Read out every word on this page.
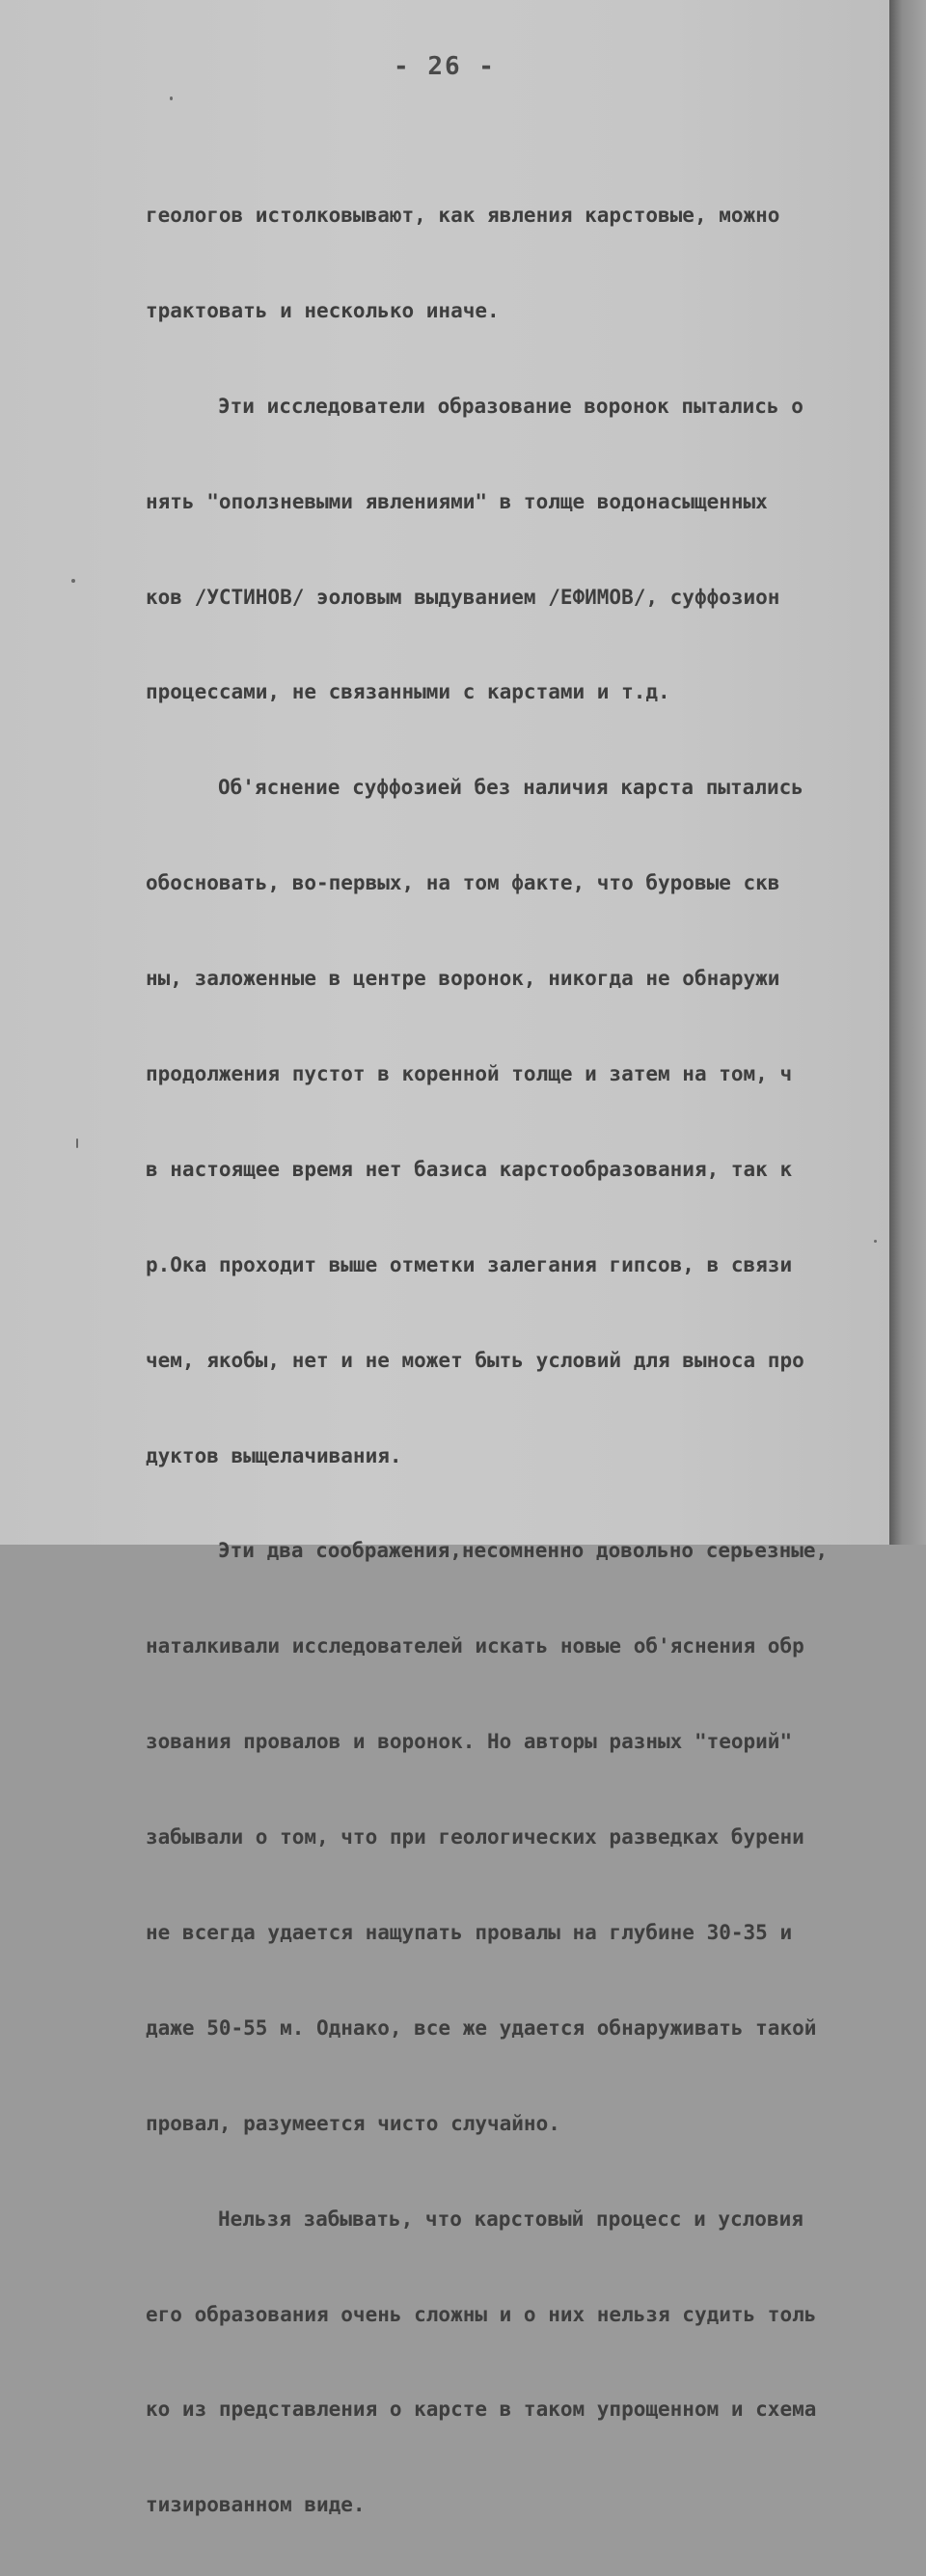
- 26 -

геологов истолковывают, как явления карстовые, можно

трактовать и несколько иначе.

Эти исследователи образование воронок пытались о

нять "оползневыми явлениями" в толще водонасыщенных

ков /УСТИНОВ/ эоловым выдуванием /ЕФИМОВ/, суффозион

процессами, не связанными с карстами и т.д.

Об'яснение суффозией без наличия карста пытались

обосновать, во-первых, на том факте, что буровые скв

ны, заложенные в центре воронок, никогда не обнаружи

продолжения пустот в коренной толще и затем на том, ч

в настоящее время нет базиса карстообразования, так к

р.Ока проходит выше отметки залегания гипсов, в связи

чем, якобы, нет и не может быть условий для выноса про

дуктов выщелачивания.

Эти два соображения,несомненно довольно серьезные,

наталкивали исследователей искать новые об'яснения обр

зования провалов и воронок. Но авторы разных "теорий"

забывали о том, что при геологических разведках бурени

не всегда удается нащупать провалы на глубине 30-35 и

даже 50-55 м. Однако, все же удается обнаруживать такой

провал, разумеется чисто случайно.

Нельзя забывать, что карстовый процесс и условия

его образования очень сложны и о них нельзя судить толь

ко из представления о карсте в таком упрощенном и схема

тизированном виде.
